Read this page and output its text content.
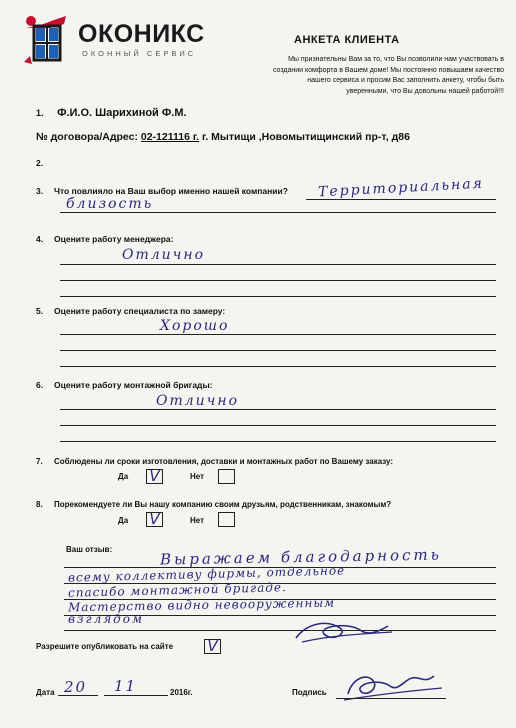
ОКОНИКС
ОКОННЫЙ СЕРВИС
АНКЕТА КЛИЕНТА
Мы признательны Вам за то, что Вы позволили нам участвовать в
создании комфорта в Вашем доме! Мы постоянно повышаем качество
нашего сервиса и просим Вас заполнить анкету, чтобы быть
уверенными, что Вы довольны нашей работой!!!
1. Ф.И.О. Шарихиной Ф.М.
№ договора/Адрес: 02-121116 г. г. Мытищи ,Новомытищинский пр-т, д86
2.
3. Что повлияло на Ваш выбор именно нашей компании? Территориальная
близость
4. Оцените работу менеджера:
Отлично
5. Оцените работу специалиста по замеру:
Хорошо
6. Оцените работу монтажной бригады:
Отлично
7. Соблюдены ли сроки изготовления, доставки и монтажных работ по Вашему заказу:
Да V	Нет
8. Порекомендуете ли Вы нашу компанию своим друзьям, родственникам, знакомым?
Да V	Нет
Ваш отзыв:	Выражаем благодарность
всему коллективу фирмы, отдельное
спасибо монтажной бригаде.
Мастерство видно невооруженным
взглядом
Разрешите опубликовать на сайте V
Дата 20 11	2016г.	Подпись
